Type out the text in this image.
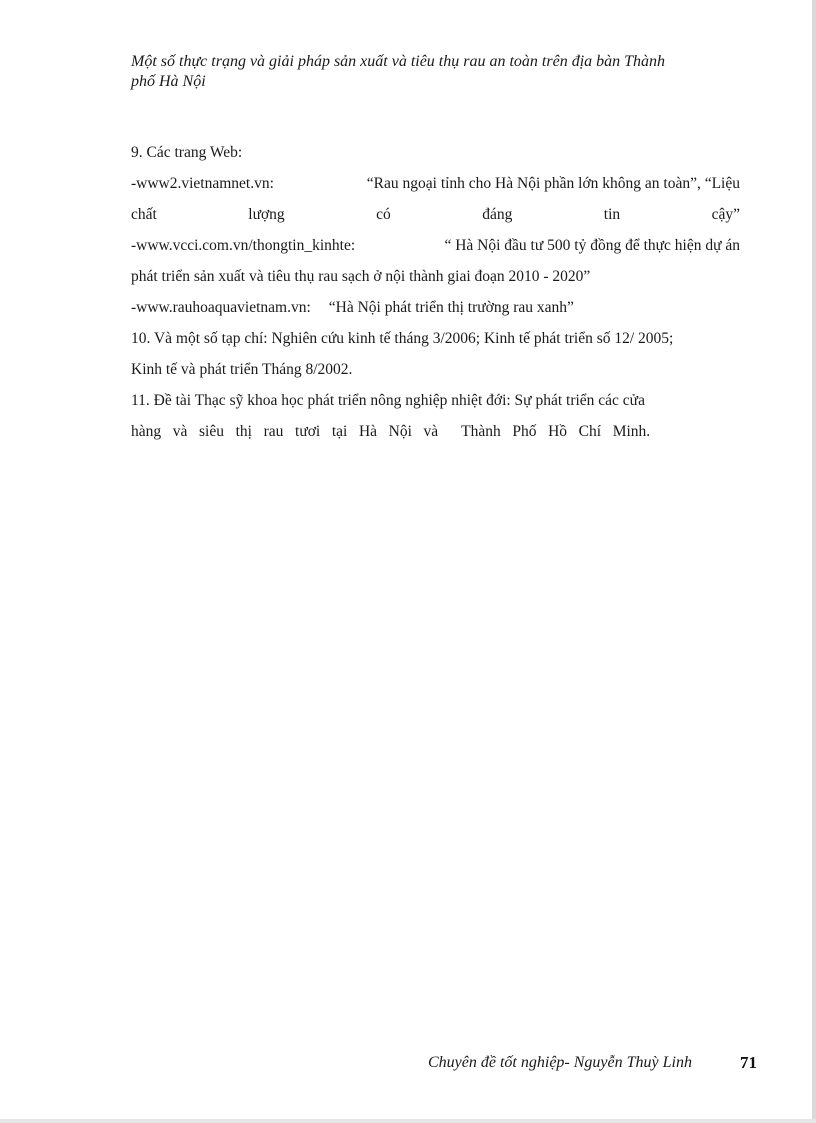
Một số thực trạng và giải pháp sản xuất và tiêu thụ rau an toàn trên địa bàn Thành
phố Hà Nội
9. Các trang Web:
-www2.vietnamnet.vn:	“Rau ngoại tỉnh cho Hà Nội phần lớn không an toàn”, “Liệu
chất	lượng	có	đáng	tin	cậy”
-www.vcci.com.vn/thongtin_kinhte:	“ Hà Nội đầu tư 500 tỷ đồng để thực hiện dự án
phát triển sản xuất và tiêu thụ rau sạch ở nội thành giai đoạn 2010 - 2020”
-www.rauhoaquavietnam.vn: “Hà Nội phát triển thị trường rau xanh”
10. Và một số tạp chí: Nghiên cứu kinh tế tháng 3/2006; Kinh tế phát triển số 12/ 2005;
Kinh tế và phát triển Tháng 8/2002.
11. Đề tài Thạc sỹ khoa học phát triển nông nghiệp nhiệt đới: Sự phát triển các cửa
hàng   và   siêu   thị   rau   tươi   tại   Hà   Nội   và      Thành   Phố   Hồ   Chí   Minh.
Chuyên đề tốt nghiệp- Nguyễn Thuỳ Linh	71
